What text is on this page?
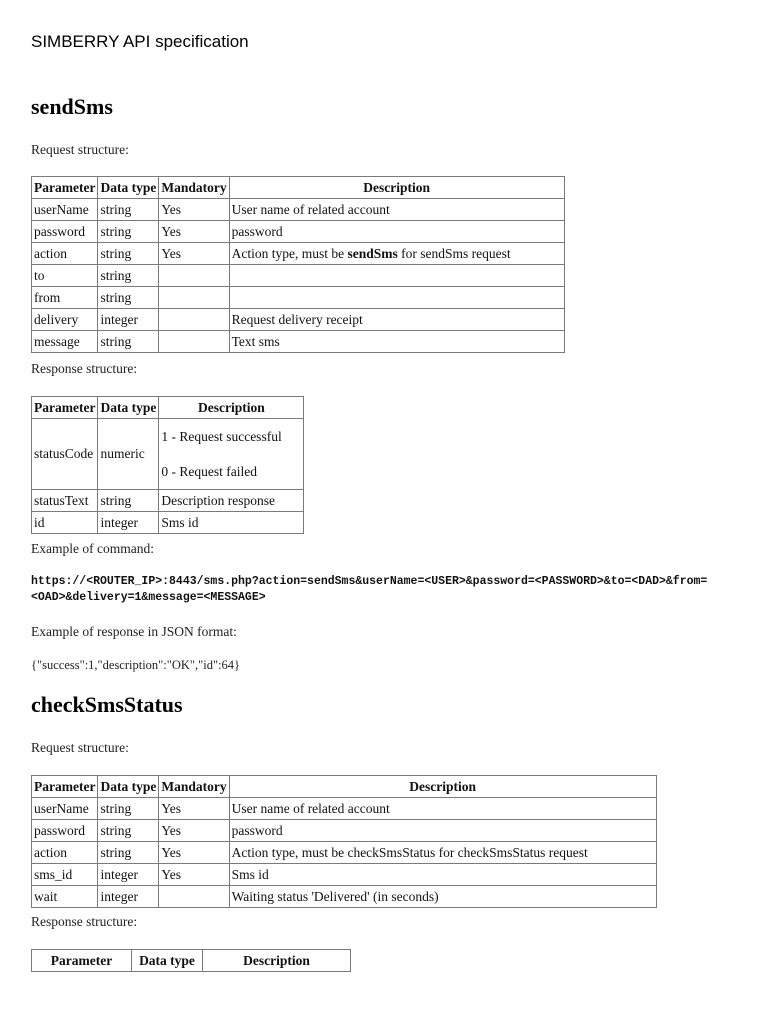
SIMBERRY API specification

sendSms

Request structure:

Parameter	Data type	Mandatory	Description
userName	string	Yes	User name of related account
password	string	Yes	password
action	string	Yes	Action type, must be sendSms for sendSms request
to	string		
from	string		
delivery	integer		Request delivery receipt
message	string		Text sms

Response structure:

Parameter	Data type	Description
statusCode	numeric	1 - Request successful
0 - Request failed

statusText	string	Description response
id	integer	Sms id

Example of command:

https://<ROUTER_IP>:8443/sms.php?action=sendSms&userName=<USER>&password=<PASSWORD>&to=<DAD>&from=<OAD>&delivery=1&message=<MESSAGE>

Example of response in JSON format:

{"success":1,"description":"OK","id":64}

checkSmsStatus

Request structure:

Parameter	Data type	Mandatory	Description
userName	string	Yes	User name of related account
password	string	Yes	password
action	string	Yes	Action type, must be checkSmsStatus for checkSmsStatus request
sms_id	integer	Yes	Sms id
wait	integer		Waiting status 'Delivered' (in seconds)

Response structure:

Parameter	Data type	Description
